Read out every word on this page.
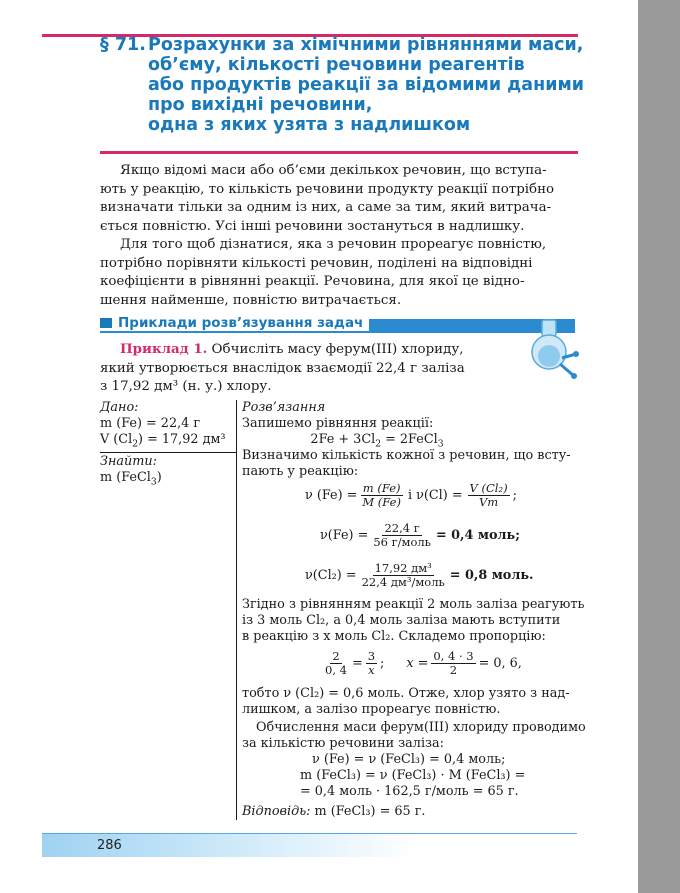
§ 71. Розрахунки за хімічними рівняннями маси,
об’єму, кількості речовини реагентів
або продуктів реакції за відомими даними
про вихідні речовини,
одна з яких узята з надлишком
Якщо відомі маси або об’єми декількох речовин, що вступа-
ють у реакцію, то кількість речовини продукту реакції потрібно
визначати тільки за одним із них, а саме за тим, який витрача-
ється повністю. Усі інші речовини зостануться в надлишку.
Для того щоб дізнатися, яка з речовин прореагує повністю,
потрібно порівняти кількості речовин, поділені на відповідні
коефіцієнти в рівнянні реакції. Речовина, для якої це відно-
шення найменше, повністю витрачається.
Приклади розв’язування задач
Приклад 1. Обчисліть масу ферум(ІІІ) хлориду,
який утворюється внаслідок взаємодії 22,4 г заліза
з 17,92 дм³ (н. у.) хлору.
Дано:
m (Fe) = 22,4 г
V $(Cl_2) = 17,92$ дм³
Знайти:
m (FeCl$_3$)
Розв’язання
Запишемо рівняння реакції:
$2Fe + 3Cl_2$ = 2FeCl$_3$
Визначимо кількість кожної з речовин, що всту-
пають у реакцію:
ν $(Fe) = \frac{m (Fe)}{M (Fe)}$ і $\nu(Cl) = \frac{\text{V (Cl₂)}}{Vm}$ ;
$\nu(Fe) = \frac{22,4 г}{\text{56 г/моль}} = 0,4$ моль;
$\nu(Cl_2) = \frac{\text{17,92 дм³}}{\text{22,4 дм³/моль}} = 0,8$ моль.
Згідно з рівнянням реакції 2 моль заліза реагують
із 3 моль Cl₂, а 0,4 моль заліза мають вступити
в реакцію з x моль Cl₂. Складемо пропорцію:
$\frac{2}{0, 4} = \frac{3}{x}$ ; $x = \frac{0, 4 \cdot 3}{2} = 0$, 6,
тобто ν (Cl₂) = 0,6 моль. Отже, хлор узято з над-
лишком, а залізо прореагує повністю.
Обчислення маси ферум(ІІІ) хлориду проводимо
за кількістю речовини заліза:
ν (Fe) = ν (FeCl₃) = 0,4 моль;
m (FeCl₃) = ν (FeCl₃) · M (FeCl₃) =
= 0,4 моль · 162,5 г/моль = 65 г.
Відповідь: m (FeCl₃) = 65 г.
286
